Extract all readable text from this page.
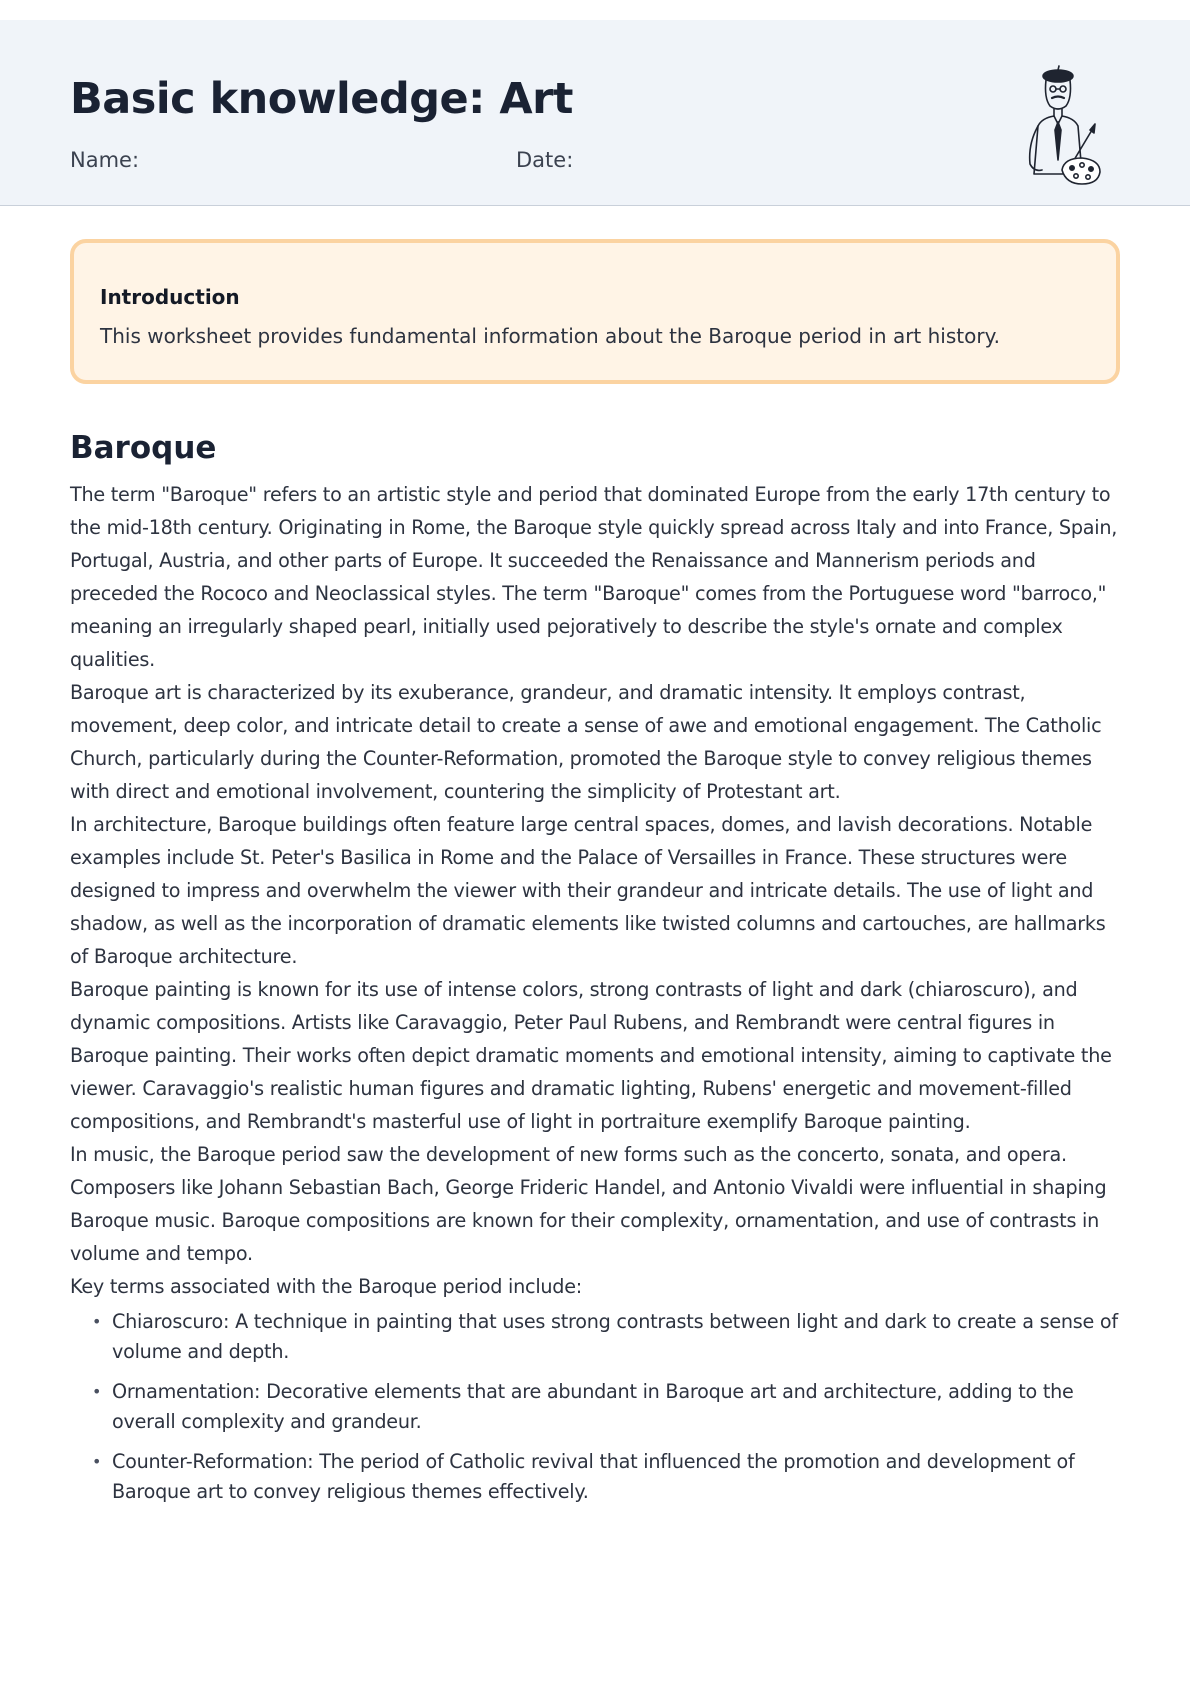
Basic knowledge: Art
Name:	Date:
Introduction
This worksheet provides fundamental information about the Baroque period in art history.
Baroque

The term "Baroque" refers to an artistic style and period that dominated Europe from the early 17th century to the mid-18th century. Originating in Rome, the Baroque style quickly spread across Italy and into France, Spain, Portugal, Austria, and other parts of Europe. It succeeded the Renaissance and Mannerism periods and preceded the Rococo and Neoclassical styles. The term "Baroque" comes from the Portuguese word "barroco," meaning an irregularly shaped pearl, initially used pejoratively to describe the style's ornate and complex qualities.

Baroque art is characterized by its exuberance, grandeur, and dramatic intensity. It employs contrast, movement, deep color, and intricate detail to create a sense of awe and emotional engagement. The Catholic Church, particularly during the Counter-Reformation, promoted the Baroque style to convey religious themes with direct and emotional involvement, countering the simplicity of Protestant art.

In architecture, Baroque buildings often feature large central spaces, domes, and lavish decorations. Notable examples include St. Peter's Basilica in Rome and the Palace of Versailles in France. These structures were designed to impress and overwhelm the viewer with their grandeur and intricate details. The use of light and shadow, as well as the incorporation of dramatic elements like twisted columns and cartouches, are hallmarks of Baroque architecture.

Baroque painting is known for its use of intense colors, strong contrasts of light and dark (chiaroscuro), and dynamic compositions. Artists like Caravaggio, Peter Paul Rubens, and Rembrandt were central figures in Baroque painting. Their works often depict dramatic moments and emotional intensity, aiming to captivate the viewer. Caravaggio's realistic human figures and dramatic lighting, Rubens' energetic and movement-filled compositions, and Rembrandt's masterful use of light in portraiture exemplify Baroque painting.

In music, the Baroque period saw the development of new forms such as the concerto, sonata, and opera. Composers like Johann Sebastian Bach, George Frideric Handel, and Antonio Vivaldi were influential in shaping Baroque music. Baroque compositions are known for their complexity, ornamentation, and use of contrasts in volume and tempo.

Key terms associated with the Baroque period include:

• Chiaroscuro: A technique in painting that uses strong contrasts between light and dark to create a sense of volume and depth.
• Ornamentation: Decorative elements that are abundant in Baroque art and architecture, adding to the overall complexity and grandeur.
• Counter-Reformation: The period of Catholic revival that influenced the promotion and development of Baroque art to convey religious themes effectively.
